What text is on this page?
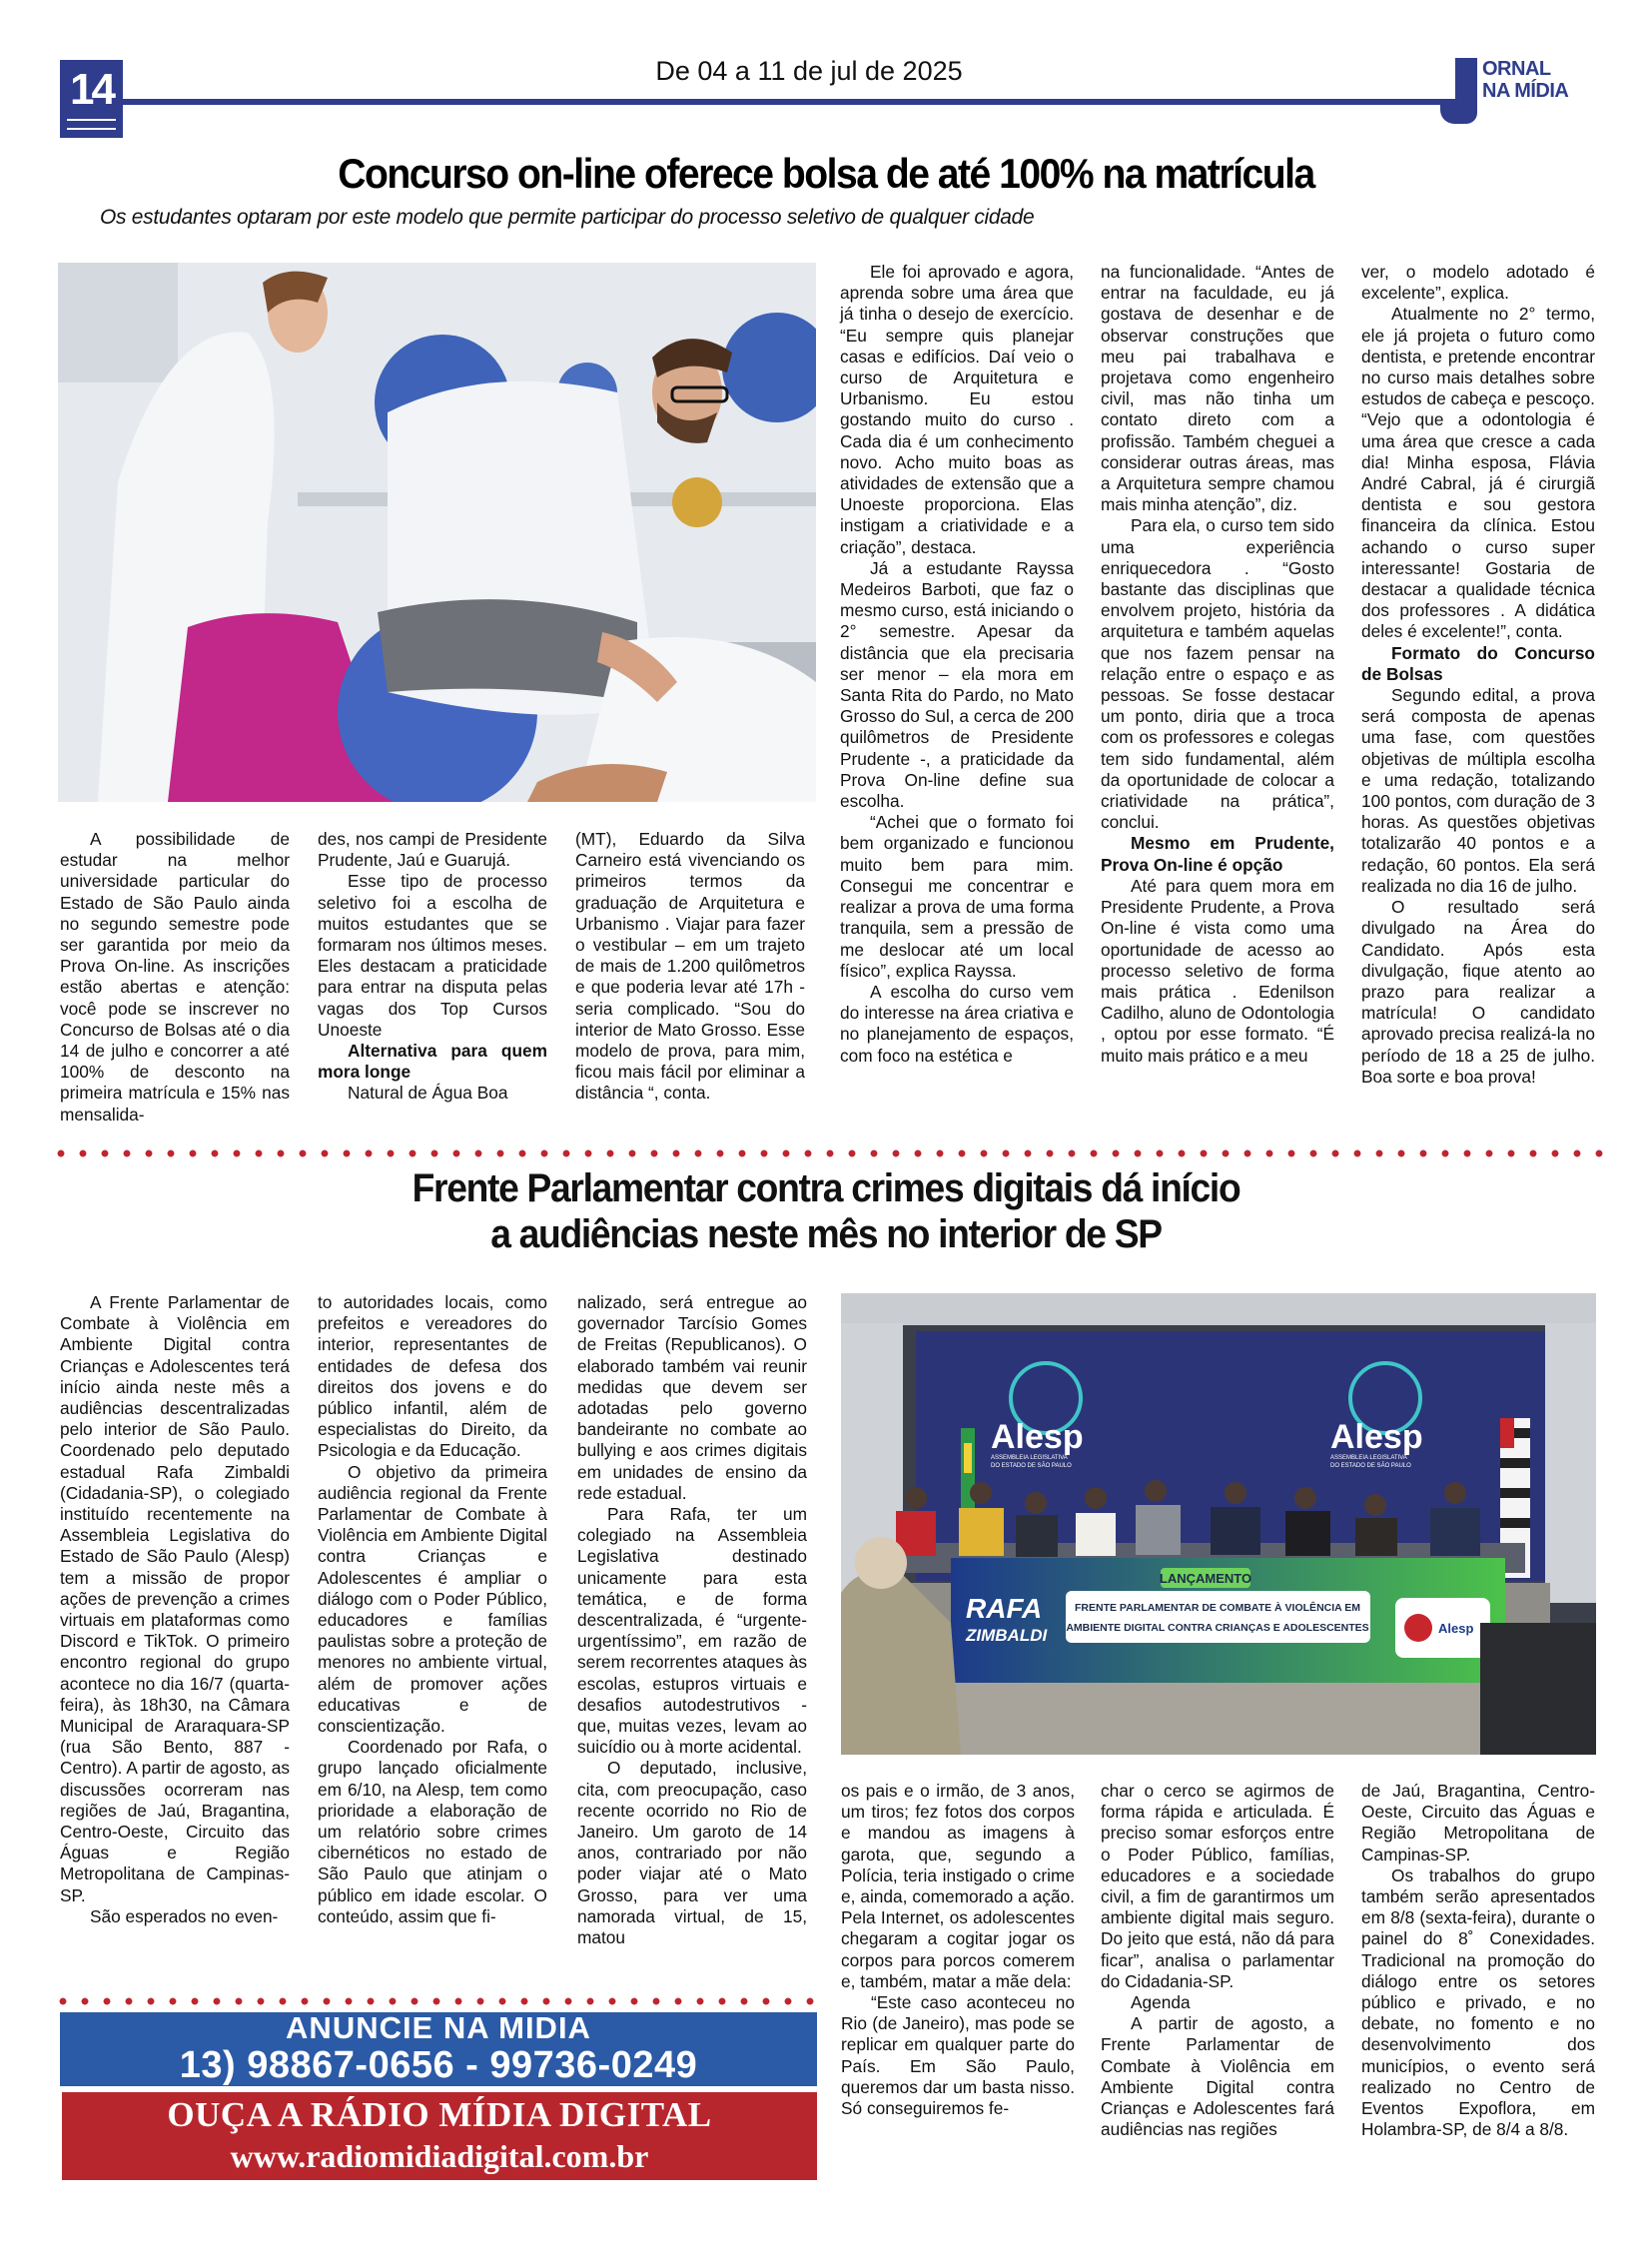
14	De 04 a 11 de jul de 2025	ORNAL
NA MÍDIA
Concurso on-line oferece bolsa de até 100% na matrícula
Os estudantes optaram por este modelo que permite participar do processo seletivo de qualquer cidade

A possibilidade de estudar na melhor universidade particular do Estado de São Paulo ainda no segundo semestre pode ser garantida por meio da Prova On-line. As inscrições estão abertas e atenção: você pode se inscrever no Concurso de Bolsas até o dia 14 de julho e concorrer a até 100% de desconto na primeira matrícula e 15% nas mensalida-

des, nos campi de Presidente Prudente, Jaú e Guarujá.

Esse tipo de processo seletivo foi a escolha de muitos estudantes que se formaram nos últimos meses. Eles destacam a praticidade para entrar na disputa pelas vagas dos Top Cursos Unoeste

Alternativa para quem mora longe

Natural de Água Boa

(MT), Eduardo da Silva Carneiro está vivenciando os primeiros termos da graduação de Arquitetura e Urbanismo . Viajar para fazer o vestibular – em um trajeto de mais de 1.200 quilômetros e que poderia levar até 17h - seria complicado. “Sou do interior de Mato Grosso. Esse modelo de prova, para mim, ficou mais fácil por eliminar a distância “, conta.

Ele foi aprovado e agora, aprenda sobre uma área que já tinha o desejo de exercício. “Eu sempre quis planejar casas e edifícios. Daí veio o curso de Arquitetura e Urbanismo. Eu estou gostando muito do curso . Cada dia é um conhecimento novo. Acho muito boas as atividades de extensão que a Unoeste proporciona. Elas instigam a criatividade e a criação”, destaca.

Já a estudante Rayssa Medeiros Barboti, que faz o mesmo curso, está iniciando o 2° semestre. Apesar da distância que ela precisaria ser menor – ela mora em Santa Rita do Pardo, no Mato Grosso do Sul, a cerca de 200 quilômetros de Presidente Prudente -, a praticidade da Prova On-line define sua escolha.

“Achei que o formato foi bem organizado e funcionou muito bem para mim. Consegui me concentrar e realizar a prova de uma forma tranquila, sem a pressão de me deslocar até um local físico”, explica Rayssa.

A escolha do curso vem do interesse na área criativa e no planejamento de espaços, com foco na estética e

na funcionalidade. “Antes de entrar na faculdade, eu já gostava de desenhar e de observar construções que meu pai trabalhava e projetava como engenheiro civil, mas não tinha um contato direto com a profissão. Também cheguei a considerar outras áreas, mas a Arquitetura sempre chamou mais minha atenção”, diz.

Para ela, o curso tem sido uma experiência enriquecedora . “Gosto bastante das disciplinas que envolvem projeto, história da arquitetura e também aquelas que nos fazem pensar na relação entre o espaço e as pessoas. Se fosse destacar um ponto, diria que a troca com os professores e colegas tem sido fundamental, além da oportunidade de colocar a criatividade na prática”, conclui.

Mesmo em Prudente, Prova On-line é opção

Até para quem mora em Presidente Prudente, a Prova On-line é vista como uma oportunidade de acesso ao processo seletivo de forma mais prática . Edenilson Cadilho, aluno de Odontologia , optou por esse formato. “É muito mais prático e a meu

ver, o modelo adotado é excelente”, explica.

Atualmente no 2° termo, ele já projeta o futuro como dentista, e pretende encontrar no curso mais detalhes sobre estudos de cabeça e pescoço. “Vejo que a odontologia é uma área que cresce a cada dia! Minha esposa, Flávia André Cabral, já é cirurgiã dentista e sou gestora financeira da clínica. Estou achando o curso super interessante! Gostaria de destacar a qualidade técnica dos professores . A didática deles é excelente!”, conta.

Formato do Concurso de Bolsas

Segundo edital, a prova será composta de apenas uma fase, com questões objetivas de múltipla escolha e uma redação, totalizando 100 pontos, com duração de 3 horas. As questões objetivas totalizarão 40 pontos e a redação, 60 pontos. Ela será realizada no dia 16 de julho.

O resultado será divulgado na Área do Candidato. Após esta divulgação, fique atento ao prazo para realizar a matrícula! O candidato aprovado precisa realizá-la no período de 18 a 25 de julho. Boa sorte e boa prova!

Frente Parlamentar contra crimes digitais dá início
a audiências neste mês no interior de SP

A Frente Parlamentar de Combate à Violência em Ambiente Digital contra Crianças e Adolescentes terá início ainda neste mês a audiências descentralizadas pelo interior de São Paulo. Coordenado pelo deputado estadual Rafa Zimbaldi (Cidadania-SP), o colegiado instituído recentemente na Assembleia Legislativa do Estado de São Paulo (Alesp) tem a missão de propor ações de prevenção a crimes virtuais em plataformas como Discord e TikTok. O primeiro encontro regional do grupo acontece no dia 16/7 (quarta-feira), às 18h30, na Câmara Municipal de Araraquara-SP (rua São Bento, 887 - Centro). A partir de agosto, as discussões ocorreram nas regiões de Jaú, Bragantina, Centro-Oeste, Circuito das Águas e Região Metropolitana de Campinas-SP.

São esperados no even-

to autoridades locais, como prefeitos e vereadores do interior, representantes de entidades de defesa dos direitos dos jovens e do público infantil, além de especialistas do Direito, da Psicologia e da Educação.

O objetivo da primeira audiência regional da Frente Parlamentar de Combate à Violência em Ambiente Digital contra Crianças e Adolescentes é ampliar o diálogo com o Poder Público, educadores e famílias paulistas sobre a proteção de menores no ambiente virtual, além de promover ações educativas e de conscientização.

Coordenado por Rafa, o grupo lançado oficialmente em 6/10, na Alesp, tem como prioridade a elaboração de um relatório sobre crimes cibernéticos no estado de São Paulo que atinjam o público em idade escolar. O conteúdo, assim que fi-

nalizado, será entregue ao governador Tarcísio Gomes de Freitas (Republicanos). O elaborado também vai reunir medidas que devem ser adotadas pelo governo bandeirante no combate ao bullying e aos crimes digitais em unidades de ensino da rede estadual.

Para Rafa, ter um colegiado na Assembleia Legislativa destinado unicamente para esta temática, e de forma descentralizada, é “urgente-urgentíssimo”, em razão de serem recorrentes ataques às escolas, estupros virtuais e desafios autodestrutivos - que, muitas vezes, levam ao suicídio ou à morte acidental.

O deputado, inclusive, cita, com preocupação, caso recente ocorrido no Rio de Janeiro. Um garoto de 14 anos, contrariado por não poder viajar até o Mato Grosso, para ver uma namorada virtual, de 15, matou

Alesp
ASSEMBLEIA LEGISLATIVA
DO ESTADO DE SÃO PAULO
Alesp
ASSEMBLEIA LEGISLATIVA
DO ESTADO DE SÃO PAULO
LANÇAMENTO
FRENTE PARLAMENTAR DE COMBATE À VIOLÊNCIA EM
AMBIENTE DIGITAL CONTRA CRIANÇAS E ADOLESCENTES
RAFA
ZIMBALDI	Alesp

os pais e o irmão, de 3 anos, um tiros; fez fotos dos corpos e mandou as imagens à garota, que, segundo a Polícia, teria instigado o crime e, ainda, comemorado a ação. Pela Internet, os adolescentes chegaram a cogitar jogar os corpos para porcos comerem e, também, matar a mãe dela:

“Este caso aconteceu no Rio (de Janeiro), mas pode se replicar em qualquer parte do País. Em São Paulo, queremos dar um basta nisso. Só conseguiremos fe-

char o cerco se agirmos de forma rápida e articulada. É preciso somar esforços entre o Poder Público, famílias, educadores e a sociedade civil, a fim de garantirmos um ambiente digital mais seguro. Do jeito que está, não dá para ficar”, analisa o parlamentar do Cidadania-SP.

Agenda

A partir de agosto, a Frente Parlamentar de Combate à Violência em Ambiente Digital contra Crianças e Adolescentes fará audiências nas regiões

de Jaú, Bragantina, Centro-Oeste, Circuito das Águas e Região Metropolitana de Campinas-SP.

Os trabalhos do grupo também serão apresentados em 8/8 (sexta-feira), durante o painel do 8˚ Conexidades. Tradicional na promoção do diálogo entre os setores público e privado, e no debate, no fomento e no desenvolvimento dos municípios, o evento será realizado no Centro de Eventos Expoflora, em Holambra-SP, de 8/4 a 8/8.

ANUNCIE NA MIDIA
13) 98867-0656 - 99736-0249
OUÇA A RÁDIO MÍDIA DIGITAL
www.radiomidiadigital.com.br
